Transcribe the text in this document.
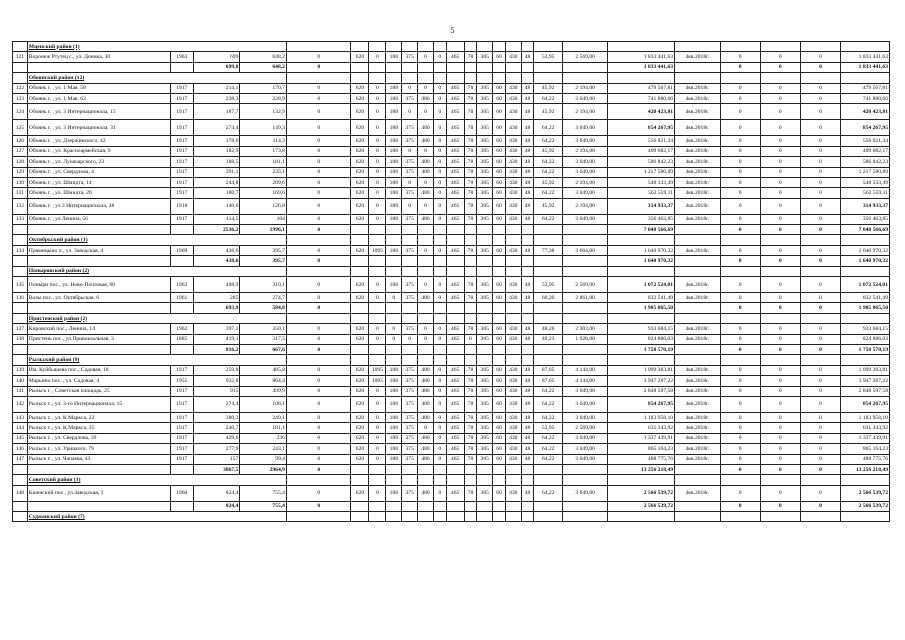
5
	Мценский район (1)																								
121	Воронеж Ртутец с., ул. Доника, 30	1963	699	648,2	0	620	0	188	375	0	0	465	78	305	60	430	48	53,95	2 569,00	1 833 441,63	4кв.2018г.	0	0	0	1 833 441,63
			699,0	648,2	0															1 833 441,63		0	0	0	1 833 441,63
	Обоянский район (12)																								
122	Обоянь г. , ул. 1 Мая, 58	1917	214,1	170,7	0	620	0	188	0	0	0	465	78	305	60	430	48	45,92	2 194,00	479 567,81	4кв.2018г.	0	0	0	479 567,81
123	Обоянь г. , ул. 1 Мая, 62	1917	238,3	228,9	0	620	0	188	375	480	0	465	78	305	60	430	48	64,22	3 049,00	741 880,66	4кв.2018г.	0	0	0	741 880,66
124	Обоянь г. , ул. 3 Интернационала, 15	1917	187,7	132,9	0	620	0	188	0	0	0	465	78	305	60	430	48	45,92	2 194,00	420 423,81	4кв.2018г.	0	0	0	420 423,81
125	Обоянь г. , ул. 3 Интернационала, 31	1917	274,4	149,3	0	620	0	188	375	480	0	465	78	305	60	430	48	64,22	3 049,00	854 267,95	4кв.2018г.	0	0	0	854 267,95
126	Обоянь г. , ул. Дзержинского, 42	1917	178,6	114,3	0	620	0	188	375	480	0	465	78	305	60	430	48	64,22	3 049,00	556 021,34	4кв.2018г.	0	0	0	556 021,34
127	Обоянь г. , ул. Красноармейская, 9	1917	182,9	173,8	0	620	0	188	0	0	0	465	78	305	60	430	48	45,92	2 194,00	409 682,17	4кв.2018г.	0	0	0	409 682,17
128	Обоянь г. , ул. Луначарского, 23	1917	188,5	181,1	0	620	0	188	375	480	0	465	78	305	60	430	48	64,22	3 049,00	586 842,23	4кв.2018г.	0	0	0	586 842,23
129	Обоянь г. , ул. Свердлова, 4	1917	391,1	235,1	0	620	0	188	375	480	0	465	78	305	60	430	48	64,22	3 049,00	1 217 580,89	4кв.2018г.	0	0	0	1 217 580,89
130	Обоянь г. , ул. Шмидта, 14	1917	244,8	209,6	0	620	0	188	0	0	0	465	78	305	60	430	48	45,92	2 194,00	548 333,49	4кв.2018г.	0	0	0	548 333,49
131	Обоянь г. , ул. Шмидта, 20	1917	180,7	169,6	0	620	0	188	375	480	0	465	78	305	60	430	48	64,22	3 049,00	562 559,11	4кв.2018г.	0	0	0	562 559,11
132	Обоянь г. , ул.3 Интернационала, 48	1918	140,6	126,8	0	620	0	188	0	0	0	465	78	305	60	430	48	45,92	2 194,00	314 933,37	4кв.2018г.	0	0	0	314 933,37
133	Обоянь г. , ул.Ленина, 56	1917	114,5	104	0	620	0	188	375	480	0	465	78	305	60	430	48	64,22	3 049,00	356 463,85	4кв.2018г.	0	0	0	356 463,85
			2536,2	1996,1	0															7 048 566,69		0	0	0	7 048 566,69
	Октябрьский район (1)																								
134	Прямицыно п., ул. Заводская, 4	1969	438,6	395,7	0	620	1095	188	375	0	0	465	78	305	60	430	48	77,38	3 664,00	1 640 970,32	4кв.2018г.	0	0	0	1 640 970,32
			438,6	395,7	0															1 640 970,32		0	0	0	1 640 970,32
	Поныровский район (2)																								
135	Поныри пос., ул. Ново-Почтовая, 60	1962	408,9	310,1	0	620	0	188	375	0	0	465	78	305	60	430	48	53,95	2 569,00	1 072 524,01	4кв.2018г.	0	0	0	1 072 524,01
136	Возы пос., ул. Октябрьская, 6	1961	285	274,7	0	620	0	0	375	480	0	465	78	305	60	430	48	60,20	2 861,00	832 541,49	4кв.2018г.	0	0	0	832 541,49
			693,9	584,8	0															1 905 065,50		0	0	0	1 905 065,50
	Пристенский район (2)																								
137	Кировский пос., Ленина, 14	1962	397,1	350,1	0	620	0	0	375	0	0	465	78	305	60	430	48	48,26	2 303,00	933 684,15	4кв.2018г.	0	0	0	933 684,15
138	Пристень пос., ул.Привокзальная, 3	1885	419,1	317,5	0	620	0	0	0	0	0	465	0	305	60	430	48	40,23	1 928,00	824 886,03	4кв.2018г.	0	0	0	824 886,03
			816,2	667,6	0															1 758 570,19		0	0	0	1 758 570,19
	Рыльский район (9)																								
139	Им. Куйбышева пос., Садовая, 18	1917	259,8	485,8	0	620	1095	188	375	480	0	465	78	305	60	430	48	87,65	4 144,00	1 099 383,81	4кв.2018г.	0	0	0	1 099 383,81
140	Марьино пос. , ул. Садовая, 4	1955	932,8	864,4	0	620	1095	188	375	480	0	465	78	305	60	430	48	87,65	4 144,00	3 947 287,22	4кв.2018г.	0	0	0	3 947 287,22
141	Рыльск г. , Советская площадь, 25	1917	915	499,9	0	620	0	188	375	480	0	465	78	305	60	430	48	64,22	3 049,00	2 848 597,58	4кв.2018г.	0	0	0	2 848 597,58
142	Рыльск г. , ул. 3-го Интернационала, 15	1917	274,4	106,1	0	620	0	188	375	480	0	465	78	305	60	430	48	64,22	3 049,00	854 267,95	4кв.2018г.	0	0	0	854 267,95
143	Рыльск г. , ул. К.Маркса, 22	1917	380,3	249,1	0	620	0	188	375	480	0	465	78	305	60	430	48	64,22	3 049,00	1 183 958,10	4кв.2018г.	0	0	0	1 183 958,10
144	Рыльск г. , ул. К.Маркса, 35	1917	240,7	181,1	0	620	0	188	375	0	0	465	78	305	60	430	48	53,95	2 569,00	631 343,92	4кв.2018г.	0	0	0	631 343,92
145	Рыльск г. , ул. Свердлова, 39	1917	429,6	236	0	620	0	188	375	480	0	465	78	305	60	430	48	64,22	3 049,00	1 337 439,91	4кв.2018г.	0	0	0	1 337 439,91
146	Рыльск г. , ул. Урицкого, 79	1917	277,9	243,1	0	620	0	188	375	480	0	465	78	305	60	430	48	64,22	3 049,00	865 164,23	4кв.2018г.	0	0	0	865 164,23
147	Рыльск г. , ул. Чапаева, 43	1917	157	99,4	0	620	0	188	375	480	0	465	78	305	60	430	48	64,22	3 049,00	488 775,76	4кв.2018г.	0	0	0	488 775,76
			3867,5	2964,9	0															13 256 218,49		0	0	0	13 256 218,49
	Советский район (1)																								
148	Кшенский пос., ул.Заводская, 1	1960	824,4	755,4	0	620	0	188	375	480	0	465	78	305	60	430	48	64,22	3 049,00	2 566 539,72	4кв.2018г.	0	0	0	2 566 539,72
			824,4	755,4	0															2 566 539,72		0	0	0	2 566 539,72
	Суджанский район (7)																								
